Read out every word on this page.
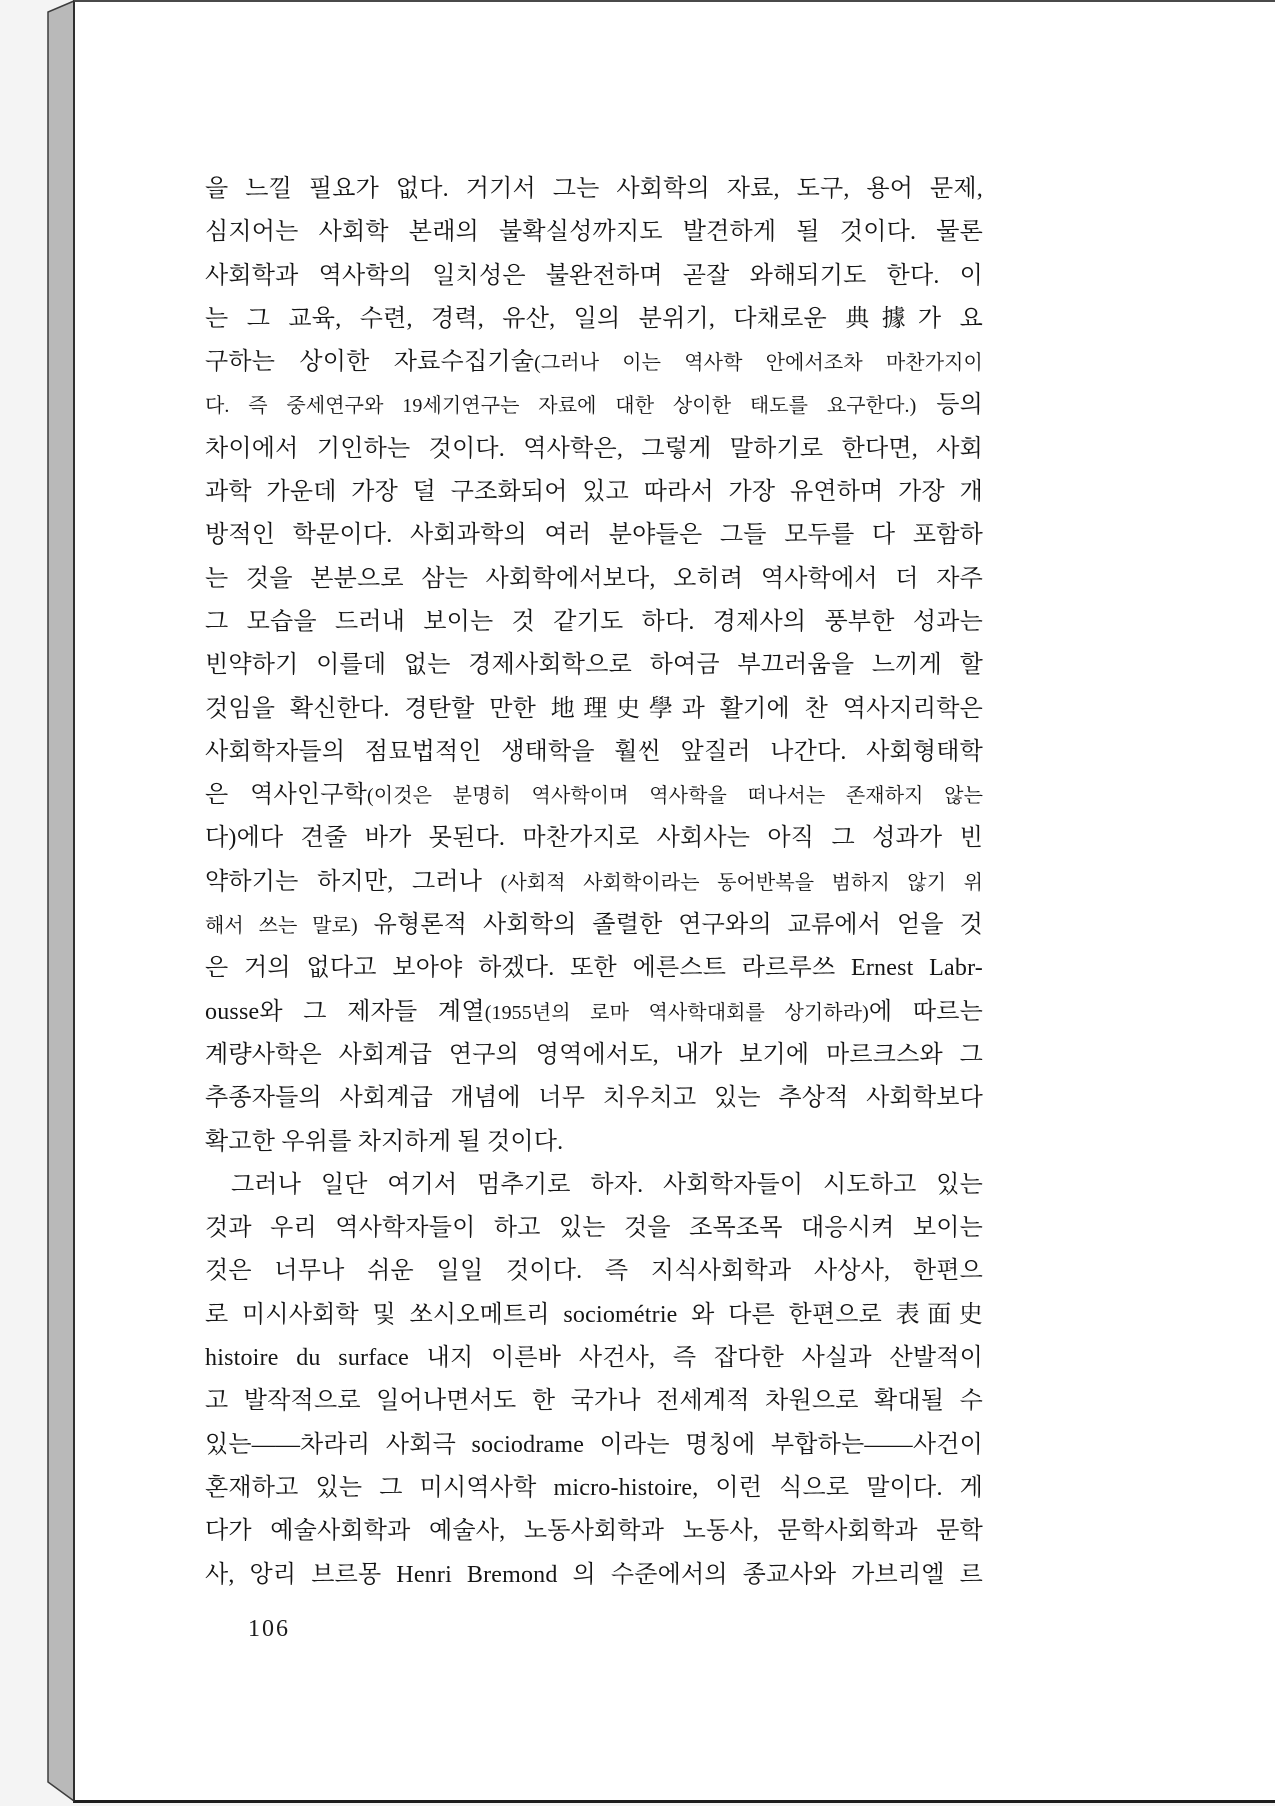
을 느낄 필요가 없다. 거기서 그는 사회학의 자료, 도구, 용어 문제,
심지어는 사회학 본래의 불확실성까지도 발견하게 될 것이다. 물론
사회학과 역사학의 일치성은 불완전하며 곧잘 와해되기도 한다. 이
는 그 교육, 수련, 경력, 유산, 일의 분위기, 다채로운 典據가 요
구하는 상이한 자료수집기술(그러나 이는 역사학 안에서조차 마찬가지이
다. 즉 중세연구와 19세기연구는 자료에 대한 상이한 태도를 요구한다.) 등의
차이에서 기인하는 것이다. 역사학은, 그렇게 말하기로 한다면, 사회
과학 가운데 가장 덜 구조화되어 있고 따라서 가장 유연하며 가장 개
방적인 학문이다. 사회과학의 여러 분야들은 그들 모두를 다 포함하
는 것을 본분으로 삼는 사회학에서보다, 오히려 역사학에서 더 자주
그 모습을 드러내 보이는 것 같기도 하다. 경제사의 풍부한 성과는
빈약하기 이를데 없는 경제사회학으로 하여금 부끄러움을 느끼게 할
것임을 확신한다. 경탄할 만한 地理史學과 활기에 찬 역사지리학은
사회학자들의 점묘법적인 생태학을 훨씬 앞질러 나간다. 사회형태학
은 역사인구학(이것은 분명히 역사학이며 역사학을 떠나서는 존재하지 않는
다)에다 견줄 바가 못된다. 마찬가지로 사회사는 아직 그 성과가 빈
약하기는 하지만, 그러나 (사회적 사회학이라는 동어반복을 범하지 않기 위
해서 쓰는 말로) 유형론적 사회학의 졸렬한 연구와의 교류에서 얻을 것
은 거의 없다고 보아야 하겠다. 또한 에른스트 라르루쓰 Ernest Labr-
ousse와 그 제자들 계열(1955년의 로마 역사학대회를 상기하라)에 따르는
계량사학은 사회계급 연구의 영역에서도, 내가 보기에 마르크스와 그
추종자들의 사회계급 개념에 너무 치우치고 있는 추상적 사회학보다
확고한 우위를 차지하게 될 것이다.
그러나 일단 여기서 멈추기로 하자. 사회학자들이 시도하고 있는
것과 우리 역사학자들이 하고 있는 것을 조목조목 대응시켜 보이는
것은 너무나 쉬운 일일 것이다. 즉 지식사회학과 사상사, 한편으
로 미시사회학 및 쏘시오메트리 sociométrie 와 다른 한편으로 表面史
histoire du surface 내지 이른바 사건사, 즉 잡다한 사실과 산발적이
고 발작적으로 일어나면서도 한 국가나 전세계적 차원으로 확대될 수
있는——차라리 사회극 sociodrame 이라는 명칭에 부합하는——사건이
혼재하고 있는 그 미시역사학 micro-histoire, 이런 식으로 말이다. 게
다가 예술사회학과 예술사, 노동사회학과 노동사, 문학사회학과 문학
사, 앙리 브르몽 Henri Bremond 의 수준에서의 종교사와 가브리엘 르
106
